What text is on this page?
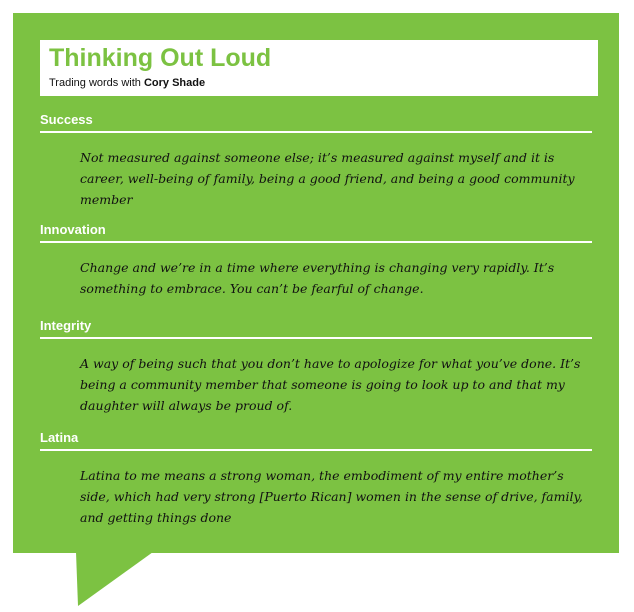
Thinking Out Loud
Trading words with Cory Shade
Success
Not measured against someone else; it’s measured against myself and it is career, well-being of family, being a good friend, and being a good community member
Innovation
Change and we’re in a time where everything is changing very rapidly. It’s something to embrace. You can’t be fearful of change.
Integrity
A way of being such that you don’t have to apologize for what you’ve done. It’s being a community member that someone is going to look up to and that my daughter will always be proud of.
Latina
Latina to me means a strong woman, the embodiment of my entire mother’s side, which had very strong [Puerto Rican] women in the sense of drive, family, and getting things done
